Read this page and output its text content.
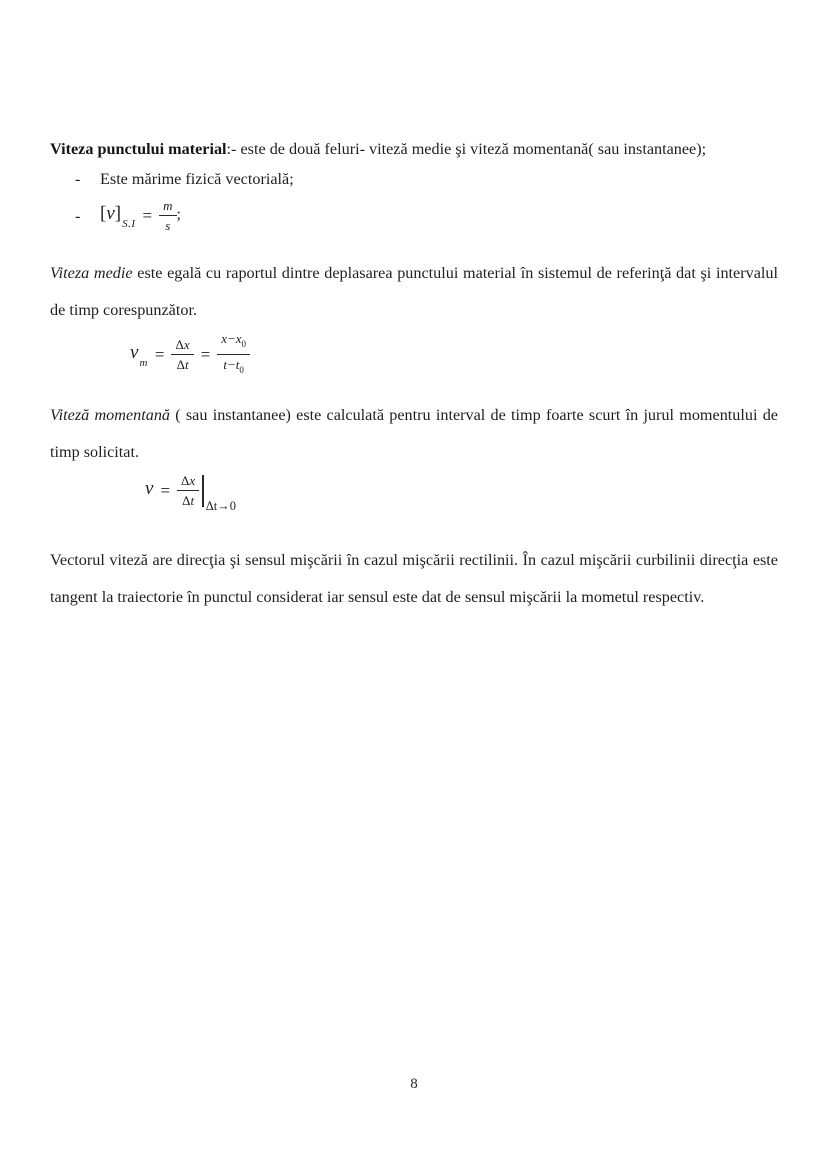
Viteza punctului material:- este de două feluri- viteză medie şi viteză momentană( sau instantanee);

-	Este mărime fizică vectorială;
-	$[v]_{S.I} = \frac{m}{s}$ ;

Viteza medie este egală cu raportul dintre deplasarea punctului material în sistemul de referinţă dat şi intervalul de timp corespunzător.

$v_m = \frac{\Delta x}{\Delta t} = \frac{x-x_0}{t-t_0}$

Viteză momentană ( sau instantanee) este calculată pentru interval de timp foarte scurt în jurul momentului de timp solicitat.

$v = \frac{\Delta x}{\Delta t} _{\Delta t\to 0}$

Vectorul viteză are direcţia şi sensul mişcării în cazul mişcării rectilinii. În cazul mişcării curbilinii direcţia este tangent la traiectorie în punctul considerat iar sensul este dat de sensul mişcării la mometul respectiv.

8
